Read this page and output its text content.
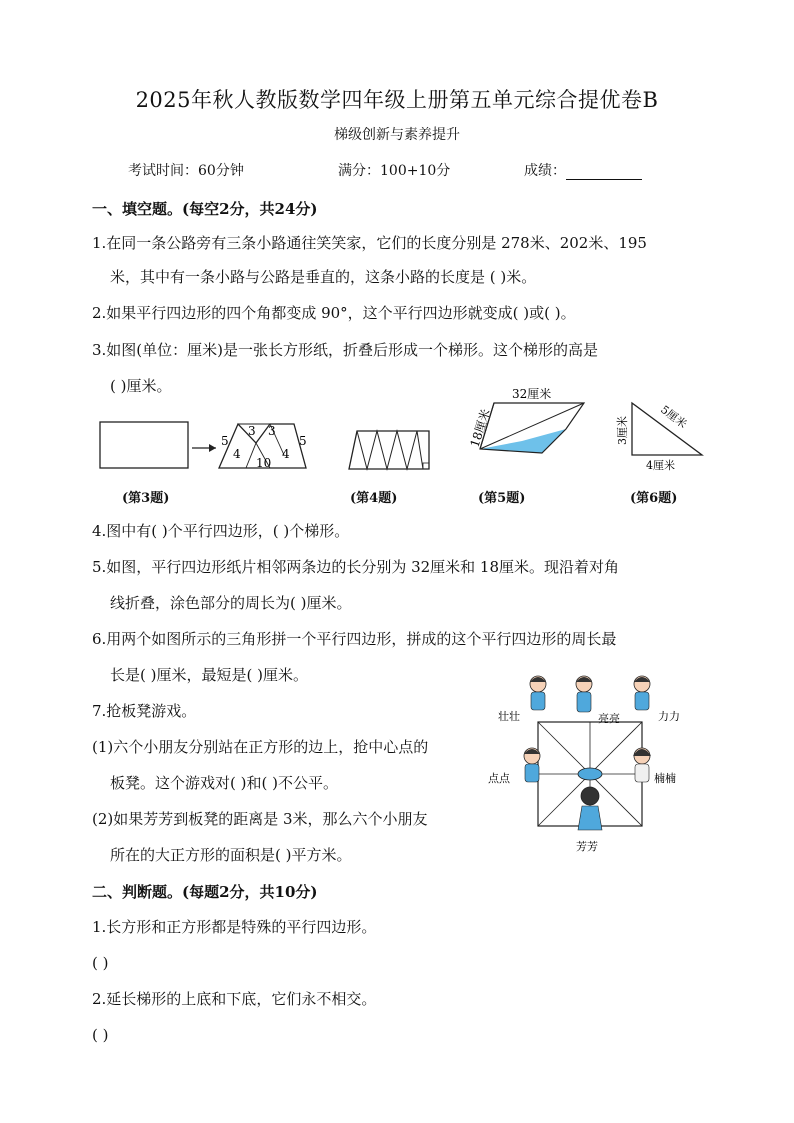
2025年秋人教版数学四年级上册第五单元综合提优卷B
梯级创新与素养提升
考试时间：60分钟	满分：100+10分	成绩：
一、填空题。(每空2分，共24分)
1.在同一条公路旁有三条小路通往笑笑家，它们的长度分别是 278米、202米、195
米，其中有一条小路与公路是垂直的，这条小路的长度是 ( )米。
2.如果平行四边形的四个角都变成 90°，这个平行四边形就变成( )或( )。
3.如图(单位：厘米)是一张长方形纸，折叠后形成一个梯形。这个梯形的高是
( )厘米。
5
3 3
5
4	4
10
32厘米
18厘米	3厘米	5厘米
4厘米
(第3题)	(第4题)	(第5题)	(第6题)
4.图中有( )个平行四边形，( )个梯形。
5.如图，平行四边形纸片相邻两条边的长分别为 32厘米和 18厘米。现沿着对角
线折叠，涂色部分的周长为( )厘米。
6.用两个如图所示的三角形拼一个平行四边形，拼成的这个平行四边形的周长最
长是( )厘米，最短是( )厘米。
7.抢板凳游戏。
(1)六个小朋友分别站在正方形的边上，抢中心点的
板凳。这个游戏对( )和( )不公平。
(2)如果芳芳到板凳的距离是 3米，那么六个小朋友
所在的大正方形的面积是( )平方米。
壮壮	亮亮	力力
点点	楠楠
芳芳
二、判断题。(每题2分，共10分)
1.长方形和正方形都是特殊的平行四边形。
( )
2.延长梯形的上底和下底，它们永不相交。
( )
